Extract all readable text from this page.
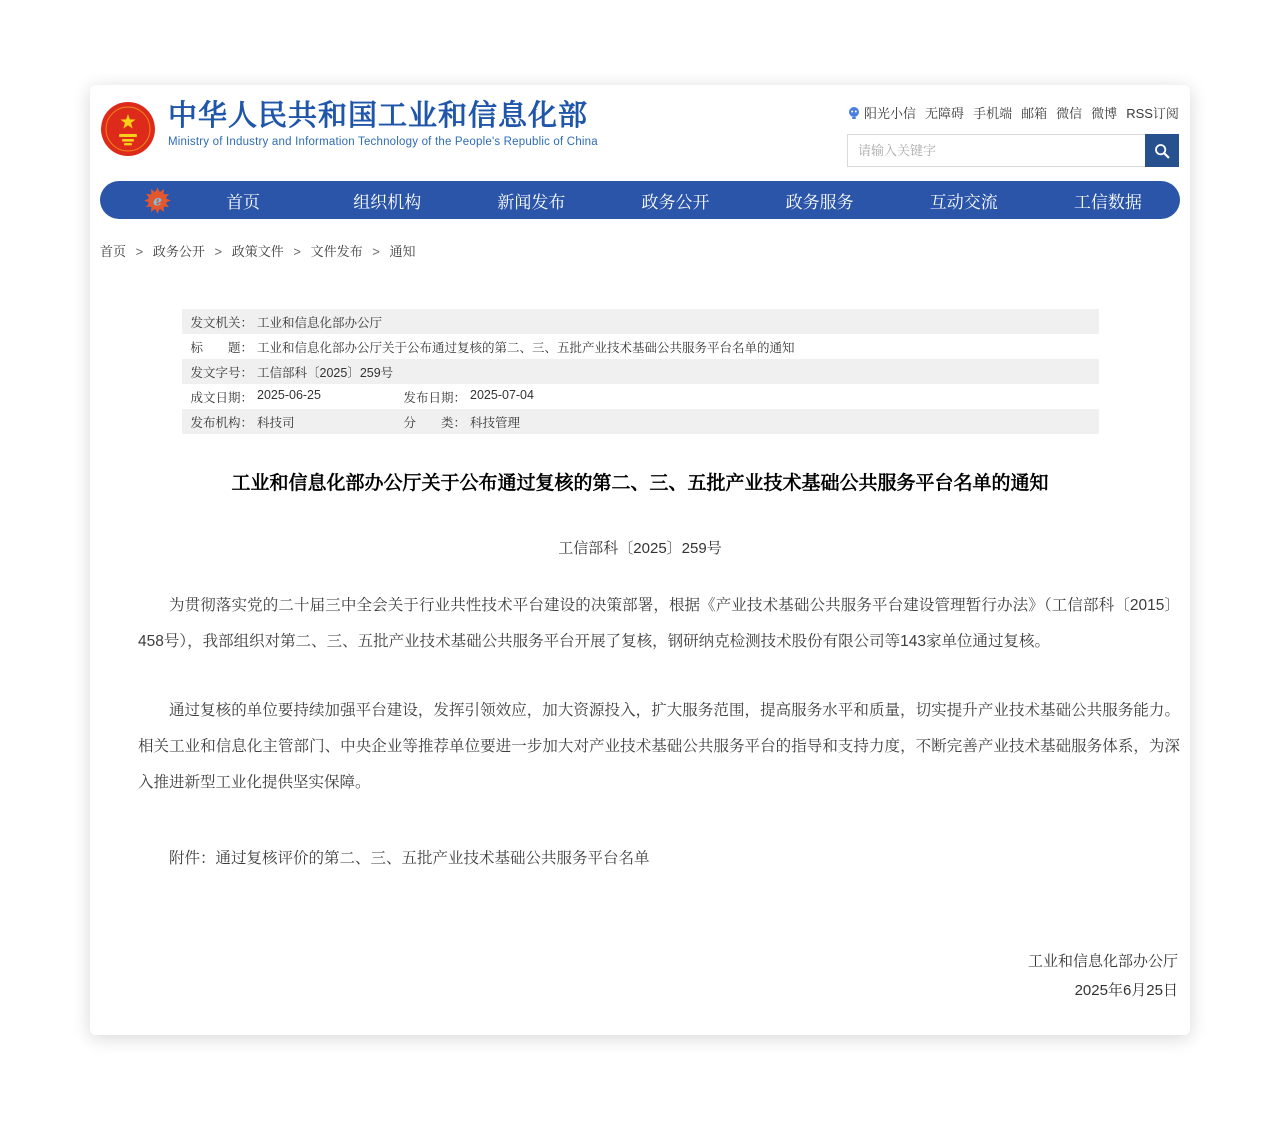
中华人民共和国工业和信息化部
Ministry of Industry and Information Technology of the People's Republic of China
阳光小信 无障碍 手机端 邮箱 微信 微博 RSS订阅
请输入关键字
e	首页	组织机构	新闻发布	政务公开	政务服务	互动交流	工信数据
首页 > 政务公开 > 政策文件 > 文件发布 > 通知
发文机关： 工业和信息化部办公厅
标　　题： 工业和信息化部办公厅关于公布通过复核的第二、三、五批产业技术基础公共服务平台名单的通知
发文字号： 工信部科〔2025〕259号
成文日期： 2025-06-25	发布日期： 2025-07-04
发布机构： 科技司	分　　类： 科技管理
工业和信息化部办公厅关于公布通过复核的第二、三、五批产业技术基础公共服务平台名单的通知
工信部科〔2025〕259号

为贯彻落实党的二十届三中全会关于行业共性技术平台建设的决策部署，根据《产业技术基础公共服务平台建设管理暂行办法》（工信部科〔2015〕458号），我部组织对第二、三、五批产业技术基础公共服务平台开展了复核，钢研纳克检测技术股份有限公司等143家单位通过复核。

通过复核的单位要持续加强平台建设，发挥引领效应，加大资源投入，扩大服务范围，提高服务水平和质量，切实提升产业技术基础公共服务能力。相关工业和信息化主管部门、中央企业等推荐单位要进一步加大对产业技术基础公共服务平台的指导和支持力度，不断完善产业技术基础服务体系，为深入推进新型工业化提供坚实保障。

附件：通过复核评价的第二、三、五批产业技术基础公共服务平台名单
工业和信息化部办公厅
2025年6月25日
